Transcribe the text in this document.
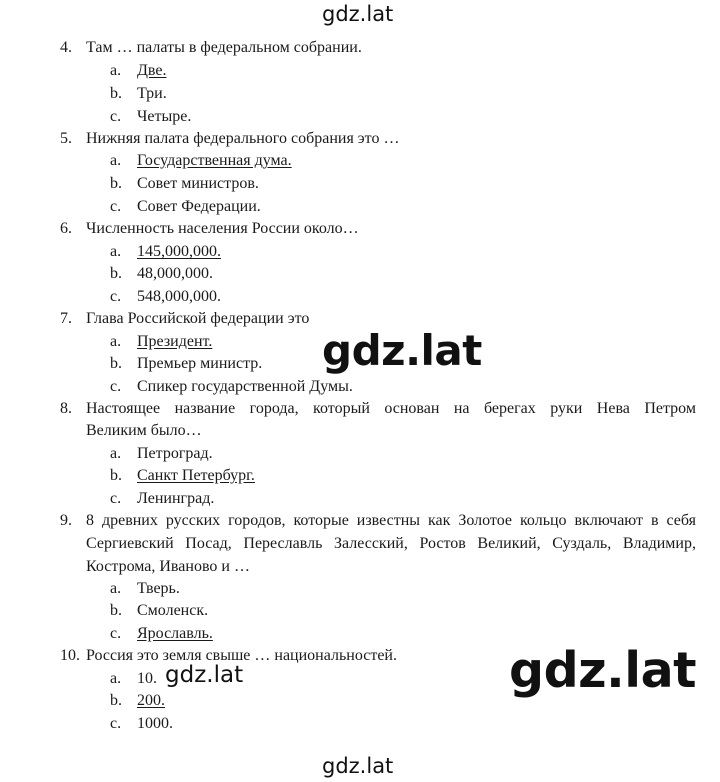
4. Там … палаты в федеральном собрании.
a. Две.
b. Три.
c. Четыре.
5. Нижняя палата федерального собрания это …
a. Государственная дума.
b. Совет министров.
c. Совет Федерации.
6. Численность населения России около…
a. 145,000,000.
b. 48,000,000.
c. 548,000,000.
7. Глава Российской федерации это
a. Президент.
b. Премьер министр.
c. Спикер государственной Думы.
8. Настоящее название города, который основан на берегах руки Нева Петром
Великим было…
a. Петроград.
b. Санкт Петербург.
c. Ленинград.
9. 8 древних русских городов, которые известны как Золотое кольцо включают в себя
Сергиевский Посад, Переславль Залесский, Ростов Великий, Суздаль, Владимир,
Кострома, Иваново и …
a. Тверь.
b. Смоленск.
c. Ярославль.
10. Россия это земля свыше … национальностей.
a. 10.
b. 200.
c. 1000.
gdz.lat
gdz.lat
gdz.lat
gdz.lat
gdz.lat
